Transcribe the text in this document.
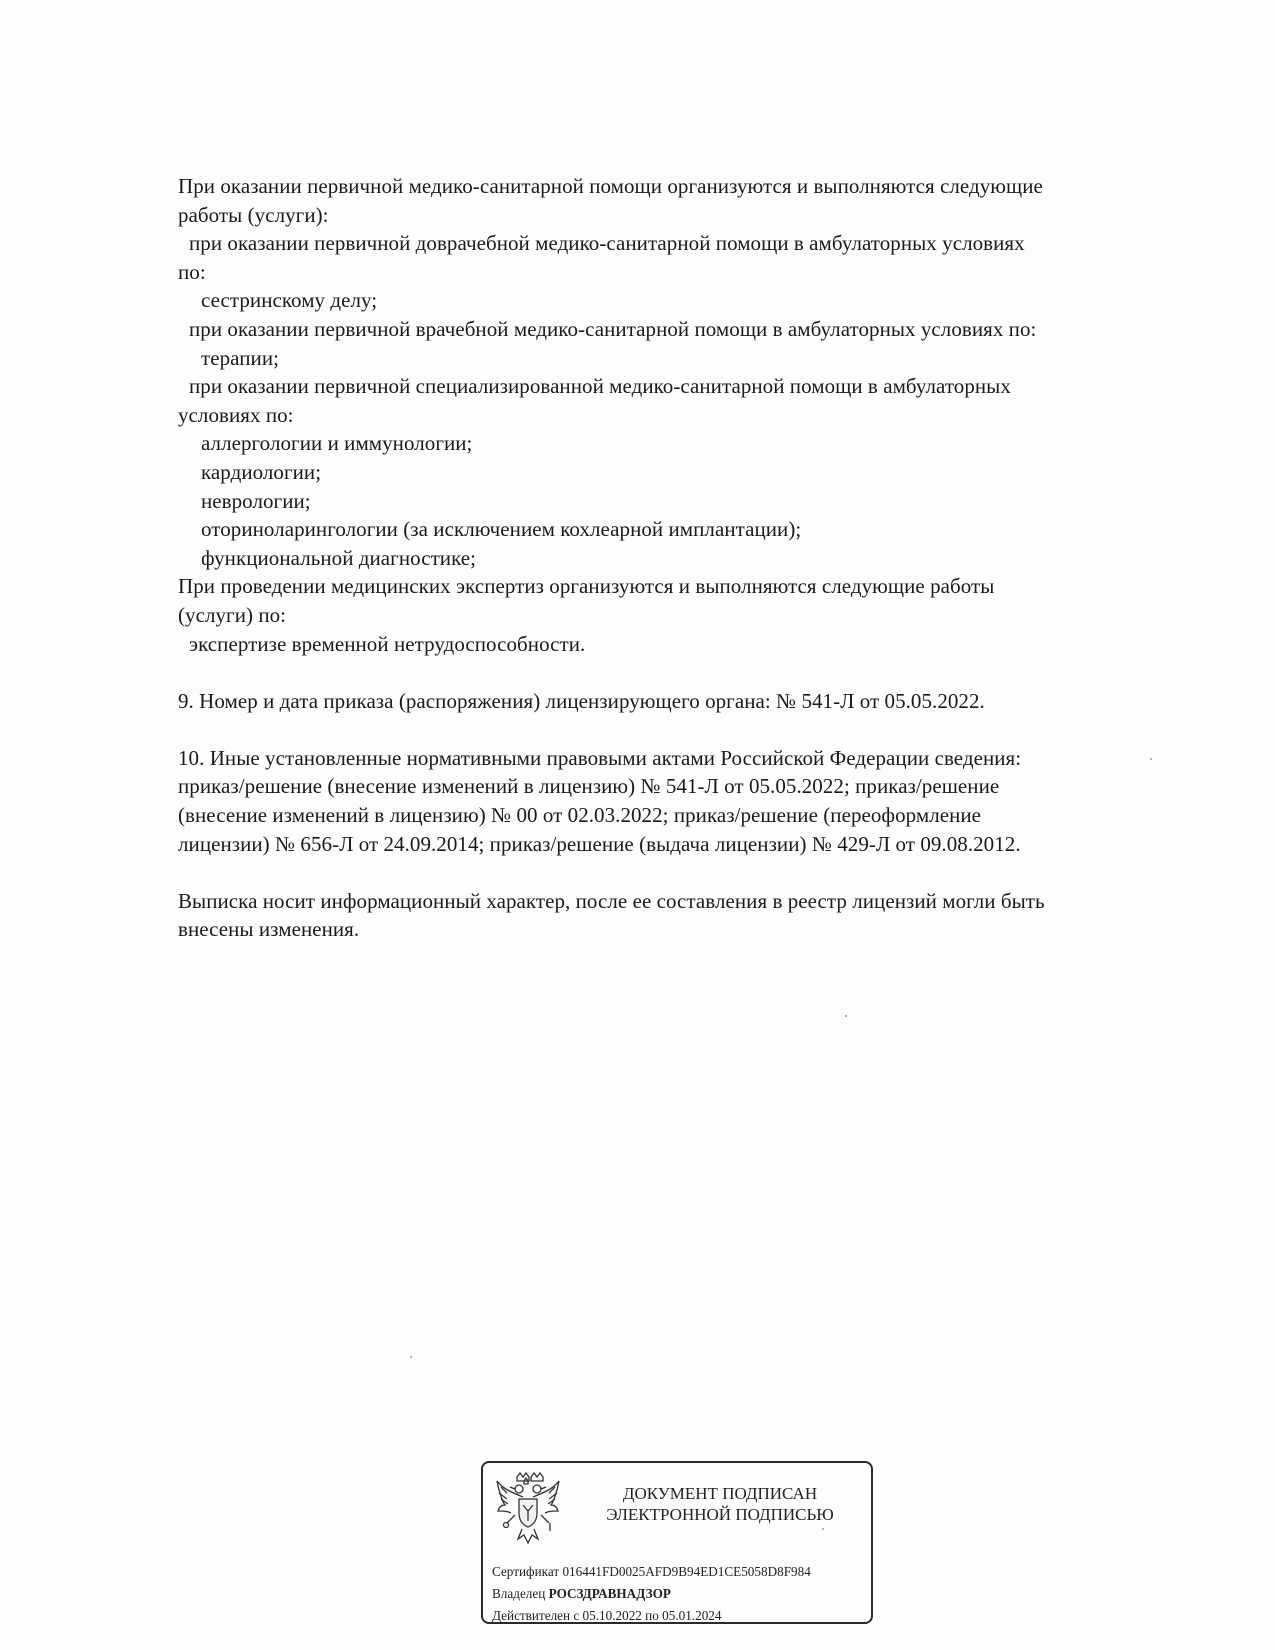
При оказании первичной медико-санитарной помощи организуются и выполняются следующие
работы (услуги):
при оказании первичной доврачебной медико-санитарной помощи в амбулаторных условиях
по:
сестринскому делу;
при оказании первичной врачебной медико-санитарной помощи в амбулаторных условиях по:
терапии;
при оказании первичной специализированной медико-санитарной помощи в амбулаторных
условиях по:
аллергологии и иммунологии;
кардиологии;
неврологии;
оториноларингологии (за исключением кохлеарной имплантации);
функциональной диагностике;
При проведении медицинских экспертиз организуются и выполняются следующие работы
(услуги) по:
экспертизе временной нетрудоспособности.
9. Номер и дата приказа (распоряжения) лицензирующего органа: № 541-Л от 05.05.2022.
10. Иные установленные нормативными правовыми актами Российской Федерации сведения:
приказ/решение (внесение изменений в лицензию) № 541-Л от 05.05.2022; приказ/решение
(внесение изменений в лицензию) № 00 от 02.03.2022; приказ/решение (переоформление
лицензии) № 656-Л от 24.09.2014; приказ/решение (выдача лицензии) № 429-Л от 09.08.2012.
Выписка носит информационный характер, после ее составления в реестр лицензий могли быть
внесены изменения.
ДОКУМЕНТ ПОДПИСАН
ЭЛЕКТРОННОЙ ПОДПИСЬЮ
Сертификат 016441FD0025AFD9B94ED1CE5058D8F984
Владелец РОСЗДРАВНАДЗОР
Действителен с 05.10.2022 по 05.01.2024
